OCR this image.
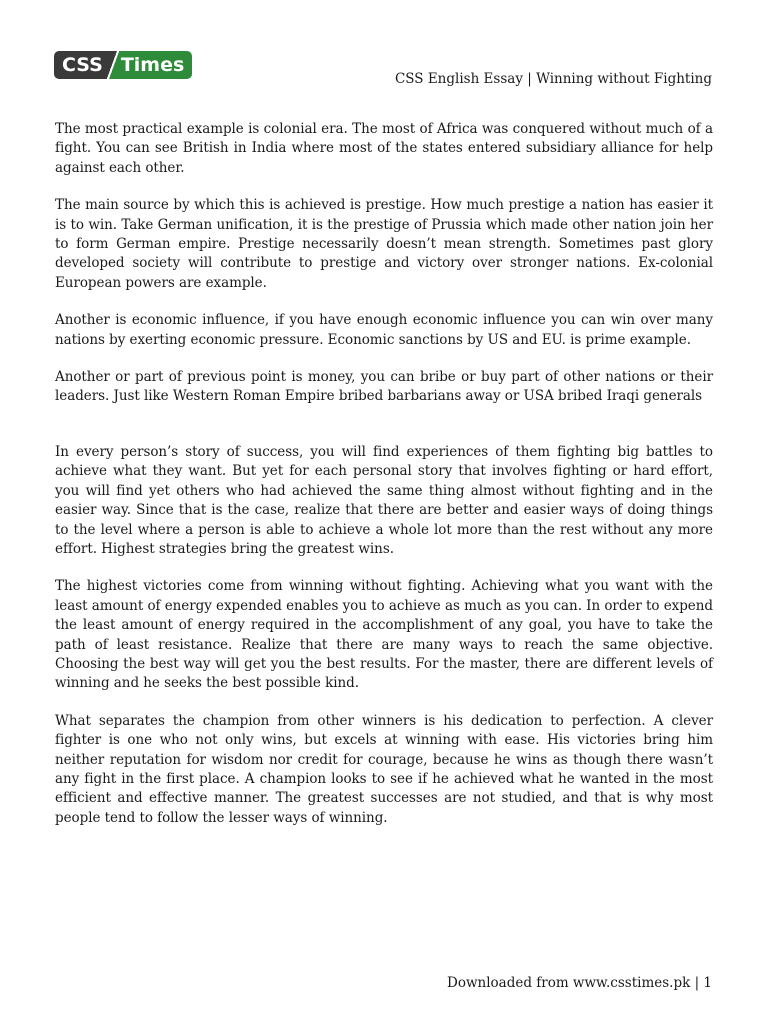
CSS Times
CSS English Essay | Winning without Fighting

The most practical example is colonial era. The most of Africa was conquered without much of a fight. You can see British in India where most of the states entered subsidiary alliance for help against each other.

The main source by which this is achieved is prestige. How much prestige a nation has easier it is to win. Take German unification, it is the prestige of Prussia which made other nation join her to form German empire. Prestige necessarily doesn’t mean strength. Sometimes past glory developed society will contribute to prestige and victory over stronger nations. Ex-colonial European powers are example.

Another is economic influence, if you have enough economic influence you can win over many nations by exerting economic pressure. Economic sanctions by US and EU. is prime example.

Another or part of previous point is money, you can bribe or buy part of other nations or their leaders. Just like Western Roman Empire bribed barbarians away or USA bribed Iraqi generals

In every person’s story of success, you will find experiences of them fighting big battles to achieve what they want. But yet for each personal story that involves fighting or hard effort, you will find yet others who had achieved the same thing almost without fighting and in the easier way. Since that is the case, realize that there are better and easier ways of doing things to the level where a person is able to achieve a whole lot more than the rest without any more effort. Highest strategies bring the greatest wins.

The highest victories come from winning without fighting. Achieving what you want with the least amount of energy expended enables you to achieve as much as you can. In order to expend the least amount of energy required in the accomplishment of any goal, you have to take the path of least resistance. Realize that there are many ways to reach the same objective. Choosing the best way will get you the best results. For the master, there are different levels of winning and he seeks the best possible kind.

What separates the champion from other winners is his dedication to perfection. A clever fighter is one who not only wins, but excels at winning with ease. His victories bring him neither reputation for wisdom nor credit for courage, because he wins as though there wasn’t any fight in the first place. A champion looks to see if he achieved what he wanted in the most efficient and effective manner. The greatest successes are not studied, and that is why most people tend to follow the lesser ways of winning.

Downloaded from www.csstimes.pk | 1
